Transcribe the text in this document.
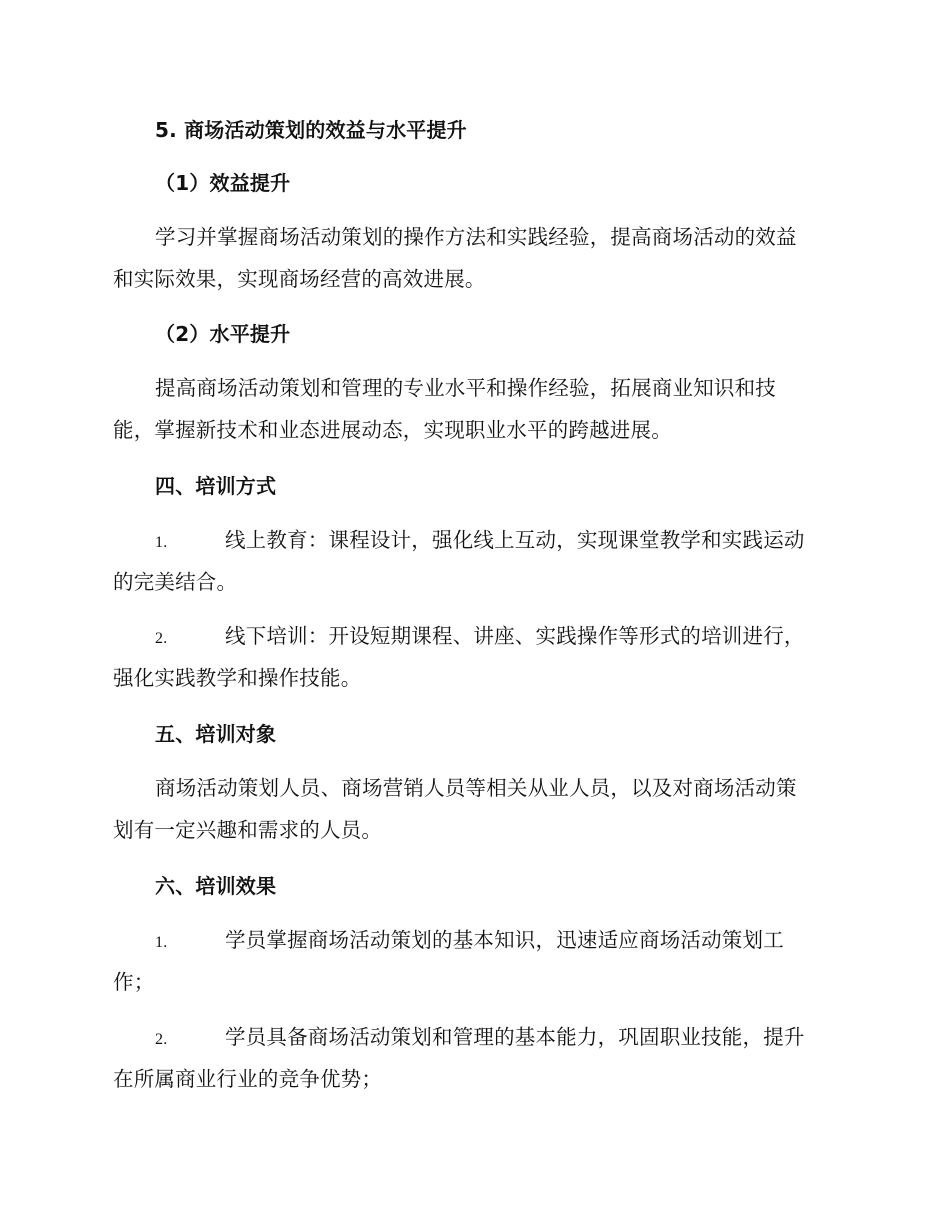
5. 商场活动策划的效益与水平提升
（1）效益提升
学习并掌握商场活动策划的操作方法和实践经验，提高商场活动的效益
和实际效果，实现商场经营的高效进展。
（2）水平提升
提高商场活动策划和管理的专业水平和操作经验，拓展商业知识和技
能，掌握新技术和业态进展动态，实现职业水平的跨越进展。
四、培训方式
1.	线上教育：课程设计，强化线上互动，实现课堂教学和实践运动
的完美结合。
2.	线下培训：开设短期课程、讲座、实践操作等形式的培训进行，
强化实践教学和操作技能。
五、培训对象
商场活动策划人员、商场营销人员等相关从业人员，以及对商场活动策
划有一定兴趣和需求的人员。
六、培训效果
1.	学员掌握商场活动策划的基本知识，迅速适应商场活动策划工
作；
2.	学员具备商场活动策划和管理的基本能力，巩固职业技能，提升
在所属商业行业的竞争优势；
